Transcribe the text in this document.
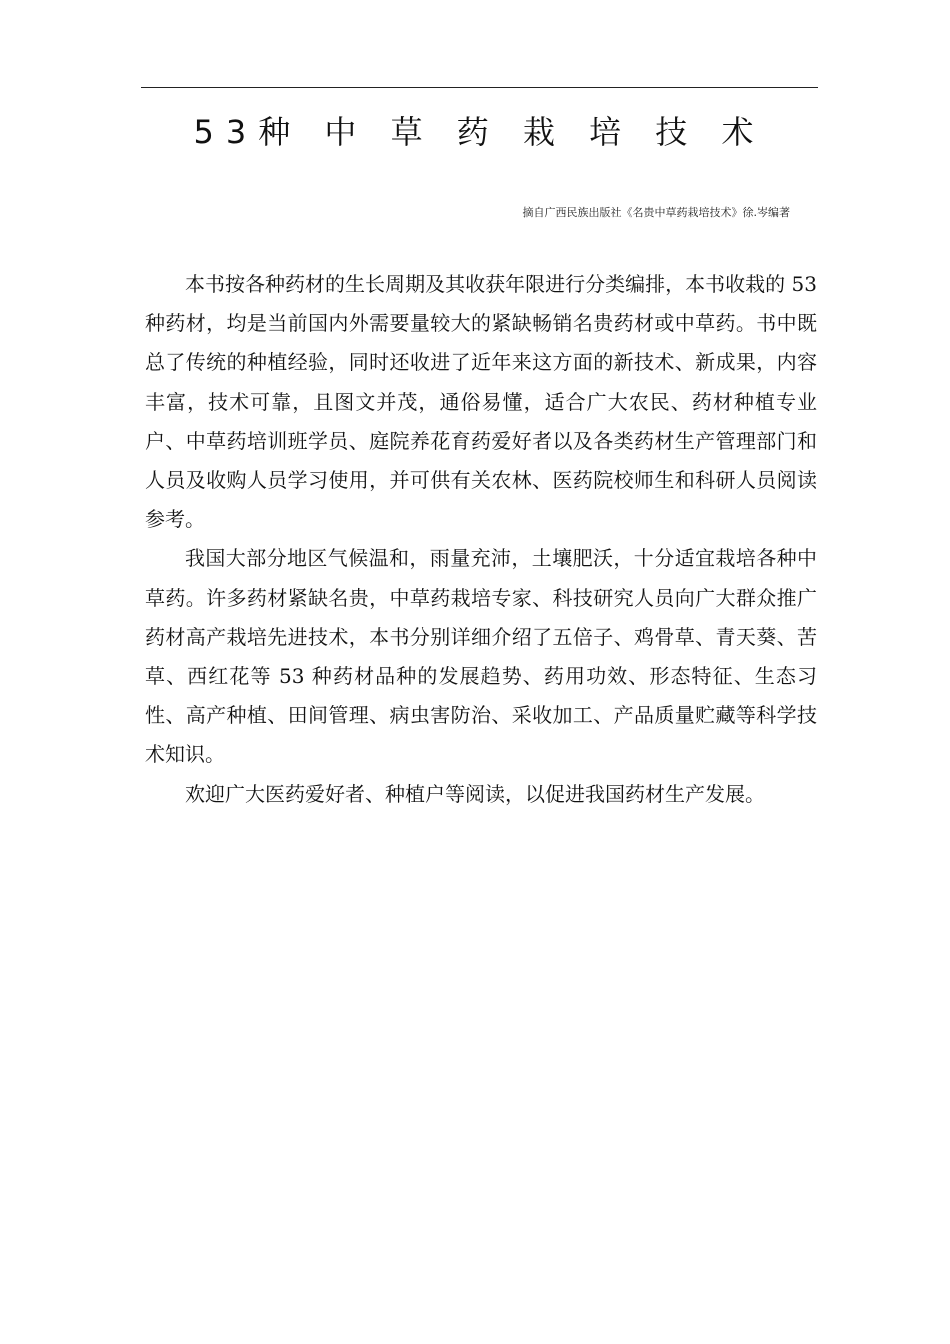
53种 中 草 药 栽 培 技 术
摘自广西民族出版社《名贵中草药栽培技术》徐.岑编著

本书按各种药材的生长周期及其收获年限进行分类编排，本书收栽的 53 种药材，均是当前国内外需要量较大的紧缺畅销名贵药材或中草药。书中既总了传统的种植经验，同时还收进了近年来这方面的新技术、新成果，内容丰富，技术可靠，且图文并茂，通俗易懂，适合广大农民、药材种植专业户、中草药培训班学员、庭院养花育药爱好者以及各类药材生产管理部门和人员及收购人员学习使用，并可供有关农林、医药院校师生和科研人员阅读参考。

我国大部分地区气候温和，雨量充沛，土壤肥沃，十分适宜栽培各种中草药。许多药材紧缺名贵，中草药栽培专家、科技研究人员向广大群众推广药材高产栽培先进技术，本书分别详细介绍了五倍子、鸡骨草、青天葵、苦草、西红花等 53 种药材品种的发展趋势、药用功效、形态特征、生态习性、高产种植、田间管理、病虫害防治、采收加工、产品质量贮藏等科学技术知识。

欢迎广大医药爱好者、种植户等阅读，以促进我国药材生产发展。
